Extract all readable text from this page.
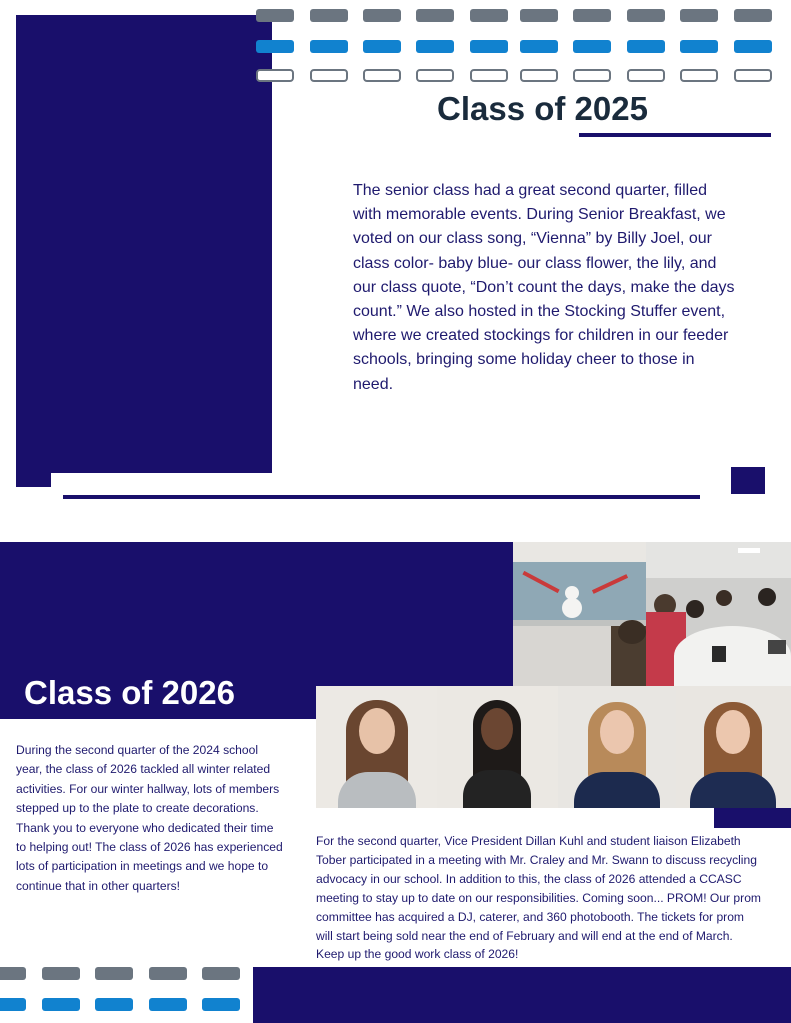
Class of 2025

The senior class had a great second quarter, filled with memorable events. During Senior Breakfast, we voted on our class song, “Vienna” by Billy Joel, our class color- baby blue- our class flower, the lily, and our class quote, “Don’t count the days, make the days count.” We also hosted in the Stocking Stuffer event, where we created stockings for children in our feeder schools, bringing some holiday cheer to those in need.

Class of 2026

During the second quarter of the 2024 school year, the class of 2026 tackled all winter related activities. For our winter hallway, lots of members stepped up to the plate to create decorations. Thank you to everyone who dedicated their time to helping out! The class of 2026 has experienced lots of participation in meetings and we hope to continue that in other quarters!

For the second quarter, Vice President Dillan Kuhl and student liaison Elizabeth Tober participated in a meeting with Mr. Craley and Mr. Swann to discuss recycling advocacy in our school. In addition to this, the class of 2026 attended a CCASC meeting to stay up to date on our responsibilities. Coming soon... PROM! Our prom committee has acquired a DJ, caterer, and 360 photobooth. The tickets for prom will start being sold near the end of February and will end at the end of March. Keep up the good work class of 2026!
